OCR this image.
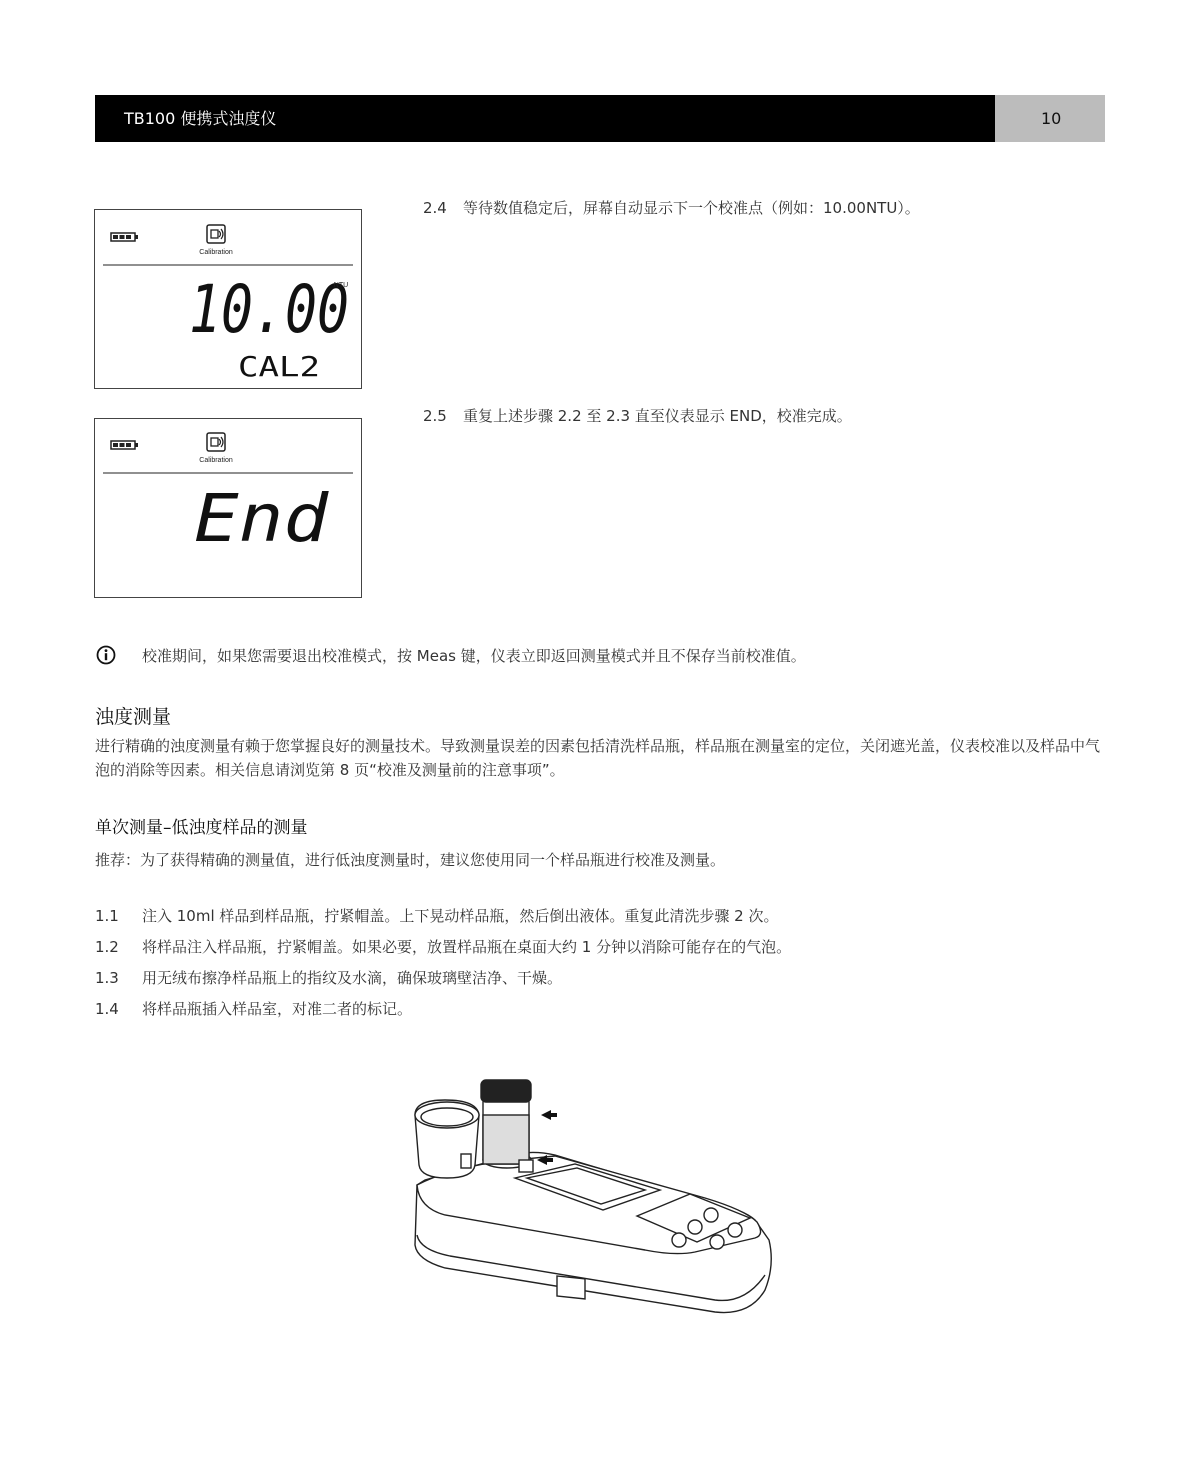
TB100 便携式浊度仪	10
Calibration
10.00
NTU
CAL2
Calibration
End
2.4 等待数值稳定后，屏幕自动显示下一个校准点（例如：10.00NTU）。
2.5 重复上述步骤 2.2 至 2.3 直至仪表显示 END，校准完成。
校准期间，如果您需要退出校准模式，按 Meas 键，仪表立即返回测量模式并且不保存当前校准值。
浊度测量

进行精确的浊度测量有赖于您掌握良好的测量技术。导致测量误差的因素包括清洗样品瓶，样品瓶在测量室的定位，关闭遮光盖，仪表校准以及样品中气泡的消除等因素。相关信息请浏览第 8 页“校准及测量前的注意事项”。

单次测量–低浊度样品的测量

推荐：为了获得精确的测量值，进行低浊度测量时，建议您使用同一个样品瓶进行校准及测量。

1.1 注入 10ml 样品到样品瓶，拧紧帽盖。上下晃动样品瓶，然后倒出液体。重复此清洗步骤 2 次。
1.2 将样品注入样品瓶，拧紧帽盖。如果必要，放置样品瓶在桌面大约 1 分钟以消除可能存在的气泡。
1.3 用无绒布擦净样品瓶上的指纹及水滴，确保玻璃壁洁净、干燥。
1.4 将样品瓶插入样品室，对准二者的标记。
